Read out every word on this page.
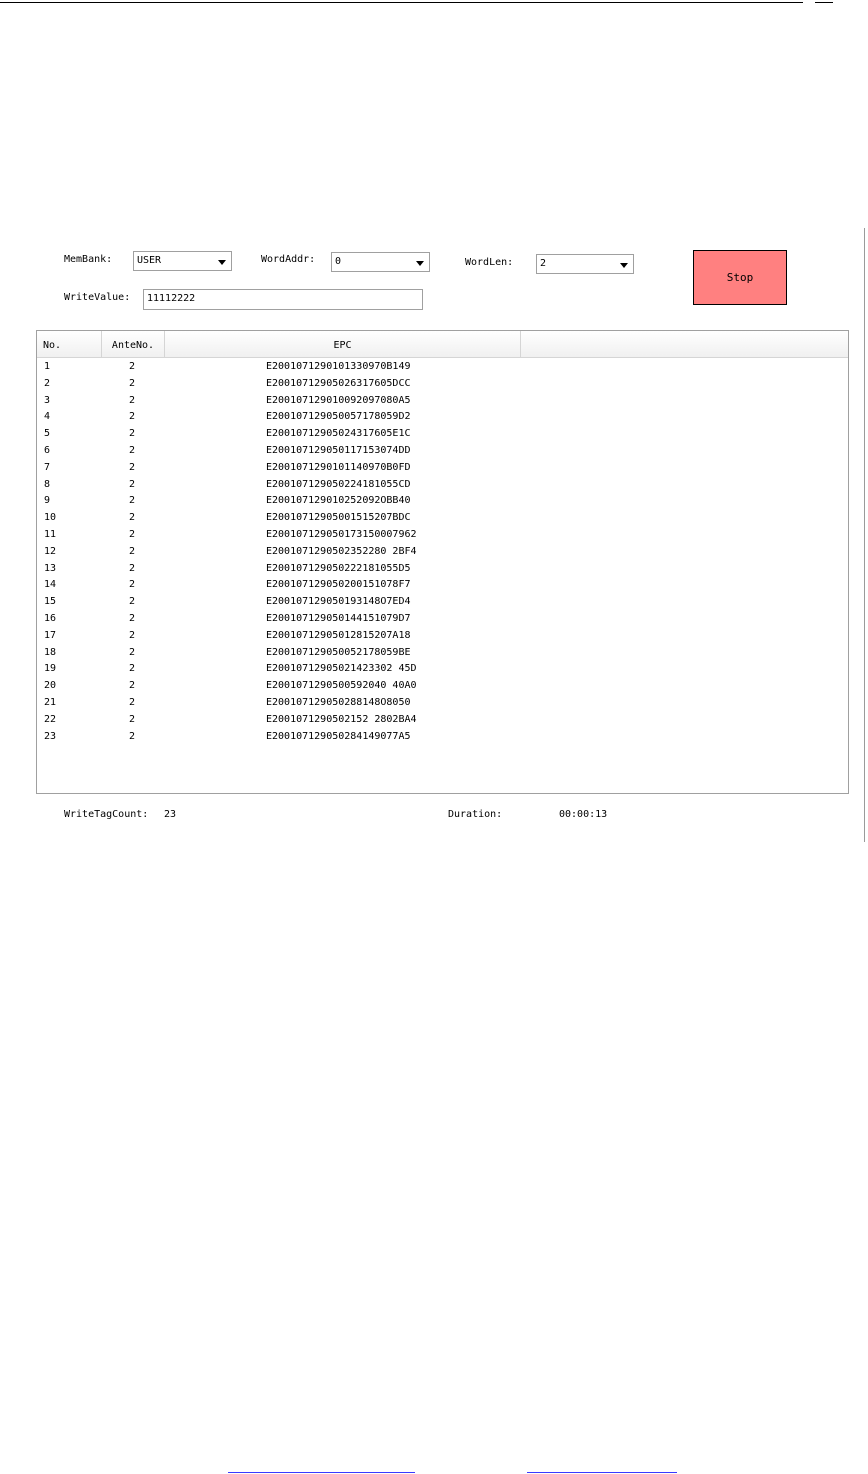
MemBank: USER	WordAddr: 0	WordLen:	2
Stop
WriteValue:	11112222
No.	AnteNo.	EPC
1	2	E2001071290101330970B149
2	2	E20010712905026317605DCC
3	2	E200107129010092097080A5
4	2	E200107129050057178059D2
5	2	E20010712905024317605E1C
6	2	E200107129050117153074DD
7	2	E2001071290101140970B0FD
8	2	E200107129050224181055CD
9	2	E200107129010252092OBB40
10	2	E20010712905001515207BDC
11	2	E200107129050173150007962
12	2	E2001071290502352280 2BF4
13	2	E200107129050222181055D5
14	2	E200107129050200151078F7
15	2	E200107129050193148O7ED4
16	2	E200107129050144151079D7
17	2	E20010712905012815207A18
18	2	E200107129050052178059BE
19	2	E20010712905021423302 45D
20	2	E2001071290500592040 40A0
21	2	E200107129050288148O8050
22	2	E2001071290502152 2802BA4
23	2	E200107129050284149077A5
WriteTagCount: 23	Duration:	00:00:13
